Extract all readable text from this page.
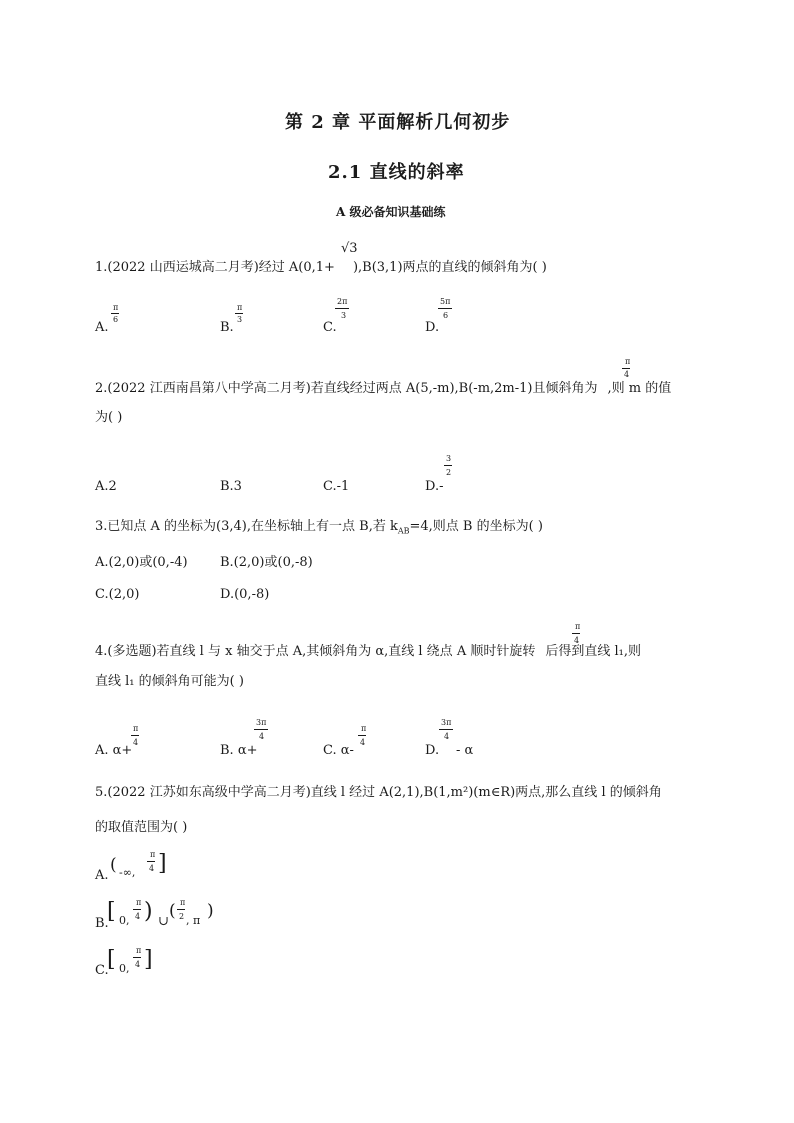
第 2 章 平面解析几何初步
2.1 直线的斜率
A 级必备知识基础练
1.(2022 山西运城高二月考)经过 A(0,1+ ),B(3,1)两点的直线的倾斜角为( )
√3
A.
π
6
B.
π
3
C.
2π
3
D.
5π
6
2.(2022 江西南昌第八中学高二月考)若直线经过两点 A(5,-m),B(-m,2m-1)且倾斜角为 ,则 m 的值
π
4
为( )
A.2	B.3	C.-1	D.-
3
2
3.已知点 A 的坐标为(3,4),在坐标轴上有一点 B,若 $k_{AB}=4$,则点 B 的坐标为( )
A.(2,0)或(0,-4) B.(2,0)或(0,-8)
C.(2,0)	D.(0,-8)
4.(多选题)若直线 l 与 x 轴交于点 A,其倾斜角为 α,直线 l 绕点 A 顺时针旋转 后得到直线 l₁,则
π
4
直线 l₁ 的倾斜角可能为( )
A. α+
π
4
B. α+
3π
4
C. α-
π
4
D.
3π
4
- α
5.(2022 江苏如东高级中学高二月考)直线 l 经过 A(2,1),B(1,m²)(m∈R)两点,那么直线 l 的倾斜角
的取值范围为( )
A.
( -∞,
π
4 ]
B.
[ 0,
π
4 ) ∪
( π
2 , π )
C.
[ 0,
π
4 ]
